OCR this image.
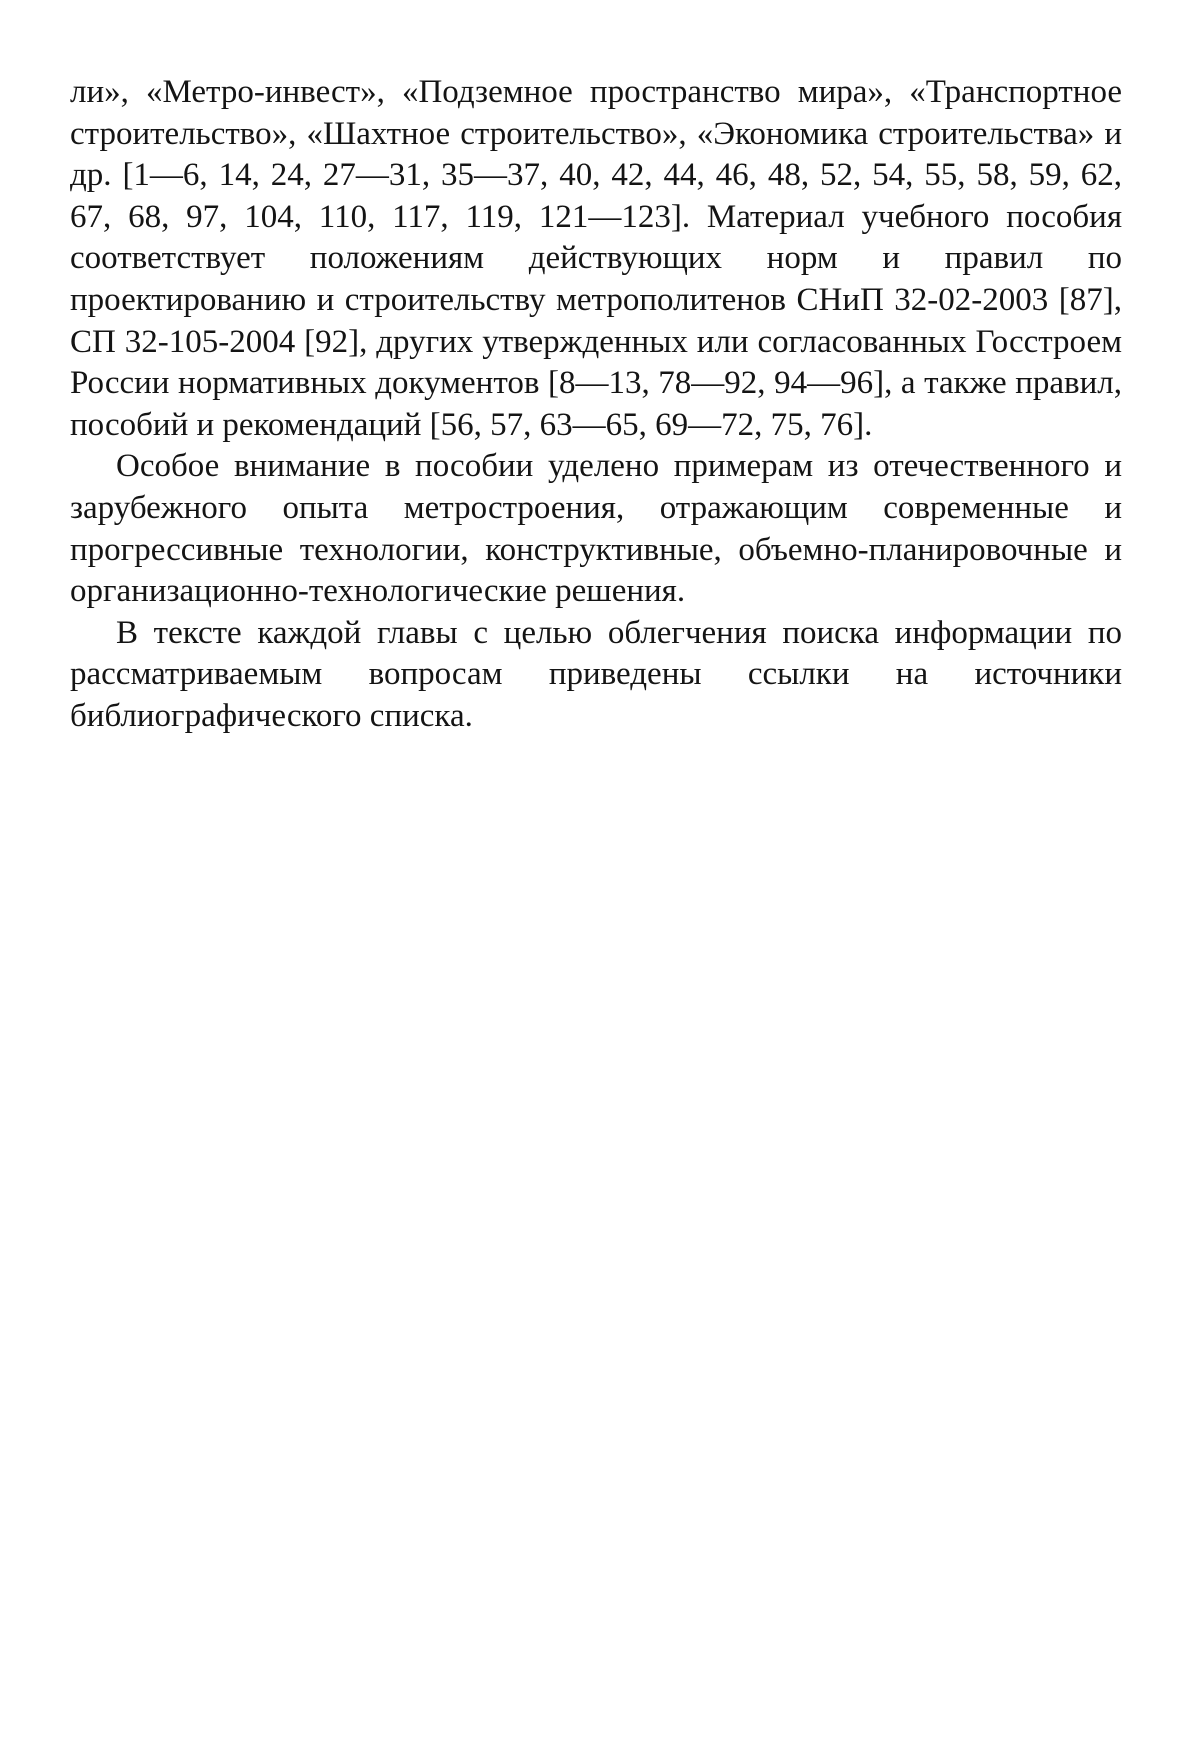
ли», «Метро-инвест», «Подземное пространство мира», «Транспортное строительство», «Шахтное строительство», «Экономика строительства» и др. [1—6, 14, 24, 27—31, 35—37, 40, 42, 44, 46, 48, 52, 54, 55, 58, 59, 62, 67, 68, 97, 104, 110, 117, 119, 121—123]. Материал учебного пособия соответствует положениям действующих норм и правил по проектированию и строительству метрополитенов СНиП 32-02-2003 [87], СП 32-105-2004 [92], других утвержденных или согласованных Госстроем России нормативных документов [8—13, 78—92, 94—96], а также правил, пособий и рекомендаций [56, 57, 63—65, 69—72, 75, 76].

Особое внимание в пособии уделено примерам из отечественного и зарубежного опыта метростроения, отражающим современные и прогрессивные технологии, конструктивные, объемно-планировочные и организационно-технологические решения.

В тексте каждой главы с целью облегчения поиска информации по рассматриваемым вопросам приведены ссылки на источники библиографического списка.
